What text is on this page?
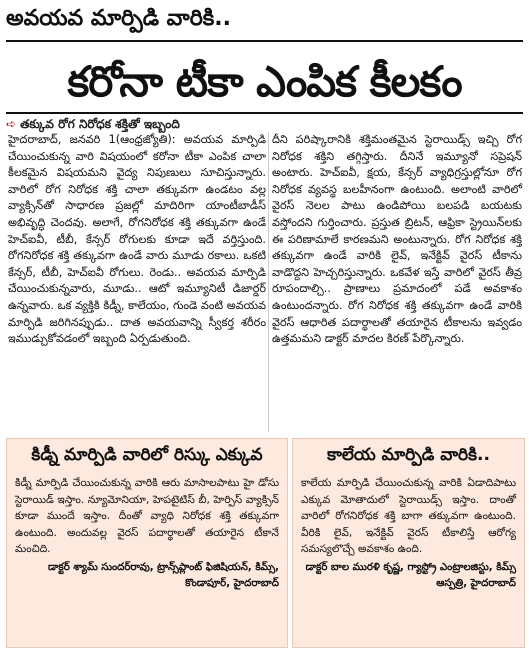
అవయవ మార్పిడి వారికి..
కరోనా టీకా ఎంపిక కీలకం
➪ తక్కువ రోగ నిరోధక శక్తితో ఇబ్బంది

హైదరాబాద్, జనవరి 1(ఆంధ్రజ్యోతి): అవయవ మార్పిడి చేయించుకున్న వారి విషయంలో కరోనా టీకా ఎంపిక చాలా కీలకమైన విషయమని వైద్య నిపుణులు సూచిస్తున్నారు. వారిలో రోగ నిరోధక శక్తి చాలా తక్కువగా ఉండటం వల్ల వ్యాక్సిన్‌తో సాధారణ ప్రజల్లో మాదిరిగా యాంటీబాడీస్ అభివృద్ధి చెందవు. అలాగే, రోగనిరోధక శక్తి తక్కువగా ఉండే హెచ్‌ఐవీ, టీబీ, కేన్సర్ రోగులకు కూడా ఇదే వర్తిస్తుంది. రోగనిరోధక శక్తి తక్కువగా ఉండే వారు మూడు రకాలు. ఒకటి కేన్సర్, టీబీ, హెచ్‌ఐవీ రోగులు. రెండు.. అవయవ మార్పిడి చేయించుకున్నవారు, మూడు.. ఆటో ఇమ్యూనిటీ డిజార్డర్ ఉన్నవారు. ఒక వ్యక్తికి కిడ్నీ, కాలేయం, గుండె వంటి అవయవ మార్పిడి జరిగినప్పుడు.. దాత అవయవాన్ని స్వీకర్త శరీరం ఇముడ్చుకోవడంలో ఇబ్బంది ఏర్పడుతుంది.

దీని పరిష్కారానికి శక్తిమంతమైన స్టెరాయిడ్స్ ఇచ్చి రోగ నిరోధక శక్తిని తగ్గిస్తారు. దీనినే ఇమ్యూనో సప్రెషన్ అంటారు. హెచ్‌ఐవీ, క్షయ, కేన్సర్ వ్యాధిగ్రస్తుల్లోనూ రోగ నిరోధక వ్యవస్థ బలహీనంగా ఉంటుంది. అలాంటి వారిలో వైరస్ నెలల పాటు ఉండిపోయి బలపడి బయటకు వస్తోందని గుర్తించారు. ప్రస్తుత బ్రిటన్, ఆఫ్రికా స్ట్రెయిన్‌లకు ఈ పరిణామాలే కారణమని అంటున్నారు. రోగ నిరోధక శక్తి తక్కువగా ఉండే వారికి లైవ్, ఇనేక్టివ్ వైరస్ టీకాను వాడొద్దని హెచ్చరిస్తున్నారు. ఒకవేళ ఇస్తే వారిలో వైరస్ తీవ్ర రూపందాల్చి.. ప్రాణాలు ప్రమాదంలో పడే అవకాశం ఉంటుందన్నారు. రోగ నిరోధక శక్తి తక్కువగా ఉండే వారికి వైరస్ ఆధారిత పదార్థాలతో తయారైన టీకాలను ఇవ్వడం ఉత్తమమని డాక్టర్ మాదల కిరణ్ పేర్కొన్నారు.

కిడ్నీ మార్పిడి వారిలో రిస్కు ఎక్కువ
కిడ్నీ మార్పిడి చేయించుకున్న వారికి ఆరు మాసాలపాటు హై డోసు స్టెరాయిడ్ ఇస్తాం. న్యూమోనియా, హెపటైటిస్ బీ, హెర్పిస్ వ్యాక్సిన్ కూడా ముందే ఇస్తాం. దీంతో వ్యాధి నిరోధక శక్తి తక్కువగా ఉంటుంది. అందువల్ల వైరస్ పదార్థాలతో తయారైన టీకానే మంచిది.
డాక్టర్ శ్యామ్ సుందర్‌రావు, ట్రాన్స్‌ప్లాంట్ ఫిజిషియన్, కిమ్స్, కొండాపూర్, హైదరాబాద్
కాలేయ మార్పిడి వారికి..
కాలేయ మార్పిడి చేయించుకున్న వారికి ఏడాదిపాటు ఎక్కువ మోతాదులో స్టెరాయిడ్స్ ఇస్తాం. దాంతో వారిలో రోగనిరోధక శక్తి బాగా తక్కువగా ఉంటుంది. వీరికి లైవ్, ఇనేక్టివ్ వైరస్ టీకాలిస్తే ఆరోగ్య సమస్యలొచ్చే అవకాశం ఉంది.
డాక్టర్ బాల మురళి కృష్ణ, గ్యాస్ట్రో ఎంట్రాలజిస్టు, కిమ్స్ ఆస్పత్రి, హైదరాబాద్
